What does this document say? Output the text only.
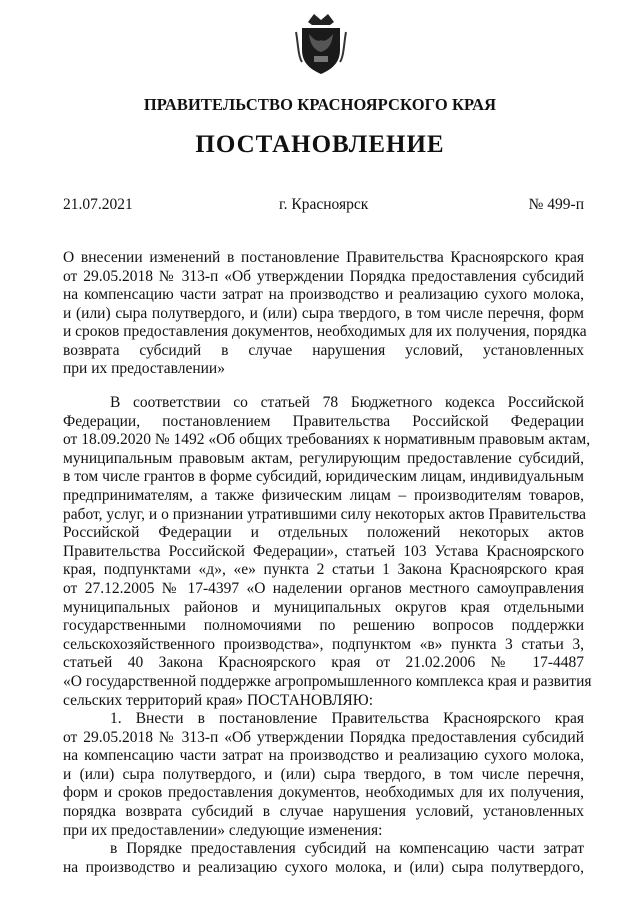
ПРАВИТЕЛЬСТВО КРАСНОЯРСКОГО КРАЯ
ПОСТАНОВЛЕНИЕ
21.07.2021	г. Красноярск	№ 499-п
О внесении изменений в постановление Правительства Красноярского края
от 29.05.2018 № 313-п «Об утверждении Порядка предоставления субсидий
на компенсацию части затрат на производство и реализацию сухого молока,
и (или) сыра полутвердого, и (или) сыра твердого, в том числе перечня, форм
и сроков предоставления документов, необходимых для их получения, порядка
возврата субсидий в случае нарушения условий, установленных
при их предоставлении»
В соответствии со статьей 78 Бюджетного кодекса Российской
Федерации, постановлением Правительства Российской Федерации
от 18.09.2020 № 1492 «Об общих требованиях к нормативным правовым актам,
муниципальным правовым актам, регулирующим предоставление субсидий,
в том числе грантов в форме субсидий, юридическим лицам, индивидуальным
предпринимателям, а также физическим лицам – производителям товаров,
работ, услуг, и о признании утратившими силу некоторых актов Правительства
Российской Федерации и отдельных положений некоторых актов
Правительства Российской Федерации», статьей 103 Устава Красноярского
края, подпунктами «д», «е» пункта 2 статьи 1 Закона Красноярского края
от 27.12.2005 № 17-4397 «О наделении органов местного самоуправления
муниципальных районов и муниципальных округов края отдельными
государственными полномочиями по решению вопросов поддержки
сельскохозяйственного производства», подпунктом «в» пункта 3 статьи 3,
статьей 40 Закона Красноярского края от 21.02.2006 № 17-4487
«О государственной поддержке агропромышленного комплекса края и развития
сельских территорий края» ПОСТАНОВЛЯЮ:
1. Внести в постановление Правительства Красноярского края
от 29.05.2018 № 313-п «Об утверждении Порядка предоставления субсидий
на компенсацию части затрат на производство и реализацию сухого молока,
и (или) сыра полутвердого, и (или) сыра твердого, в том числе перечня,
форм и сроков предоставления документов, необходимых для их получения,
порядка возврата субсидий в случае нарушения условий, установленных
при их предоставлении» следующие изменения:
в Порядке предоставления субсидий на компенсацию части затрат
на производство и реализацию сухого молока, и (или) сыра полутвердого,
